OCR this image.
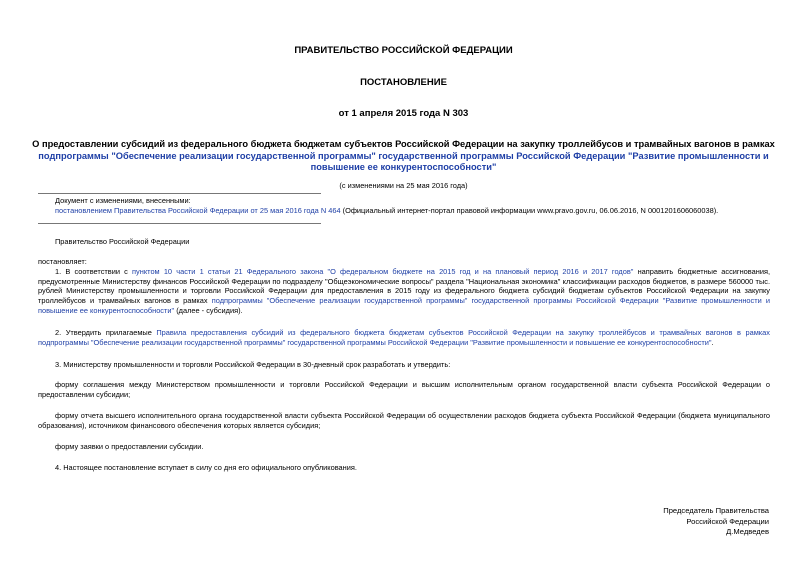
ПРАВИТЕЛЬСТВО РОССИЙСКОЙ ФЕДЕРАЦИИ
ПОСТАНОВЛЕНИЕ
от 1 апреля 2015 года N 303
О предоставлении субсидий из федерального бюджета бюджетам субъектов Российской Федерации на закупку троллейбусов и трамвайных вагонов в рамках подпрограммы "Обеспечение реализации государственной программы" государственной программы Российской Федерации "Развитие промышленности и повышение ее конкурентоспособности"
(с изменениями на 25 мая 2016 года)
Документ с изменениями, внесенными:
постановлением Правительства Российской Федерации от 25 мая 2016 года N 464 (Официальный интернет-портал правовой информации www.pravo.gov.ru, 06.06.2016, N 0001201606060038).
Правительство Российской Федерации
постановляет:
1. В соответствии с пунктом 10 части 1 статьи 21 Федерального закона "О федеральном бюджете на 2015 год и на плановый период 2016 и 2017 годов" направить бюджетные ассигнования, предусмотренные Министерству финансов Российской Федерации по подразделу "Общеэкономические вопросы" раздела "Национальная экономика" классификации расходов бюджетов, в размере 560000 тыс. рублей Министерству промышленности и торговли Российской Федерации для предоставления в 2015 году из федерального бюджета субсидий бюджетам субъектов Российской Федерации на закупку троллейбусов и трамвайных вагонов в рамках подпрограммы "Обеспечение реализации государственной программы" государственной программы Российской Федерации "Развитие промышленности и повышение ее конкурентоспособности" (далее - субсидия).
2. Утвердить прилагаемые Правила предоставления субсидий из федерального бюджета бюджетам субъектов Российской Федерации на закупку троллейбусов и трамвайных вагонов в рамках подпрограммы "Обеспечение реализации государственной программы" государственной программы Российской Федерации "Развитие промышленности и повышение ее конкурентоспособности".
3. Министерству промышленности и торговли Российской Федерации в 30-дневный срок разработать и утвердить:
форму соглашения между Министерством промышленности и торговли Российской Федерации и высшим исполнительным органом государственной власти субъекта Российской Федерации о предоставлении субсидии;
форму отчета высшего исполнительного органа государственной власти субъекта Российской Федерации об осуществлении расходов бюджета субъекта Российской Федерации (бюджета муниципального образования), источником финансового обеспечения которых является субсидия;
форму заявки о предоставлении субсидии.
4. Настоящее постановление вступает в силу со дня его официального опубликования.
Председатель Правительства
Российской Федерации
Д.Медведев
